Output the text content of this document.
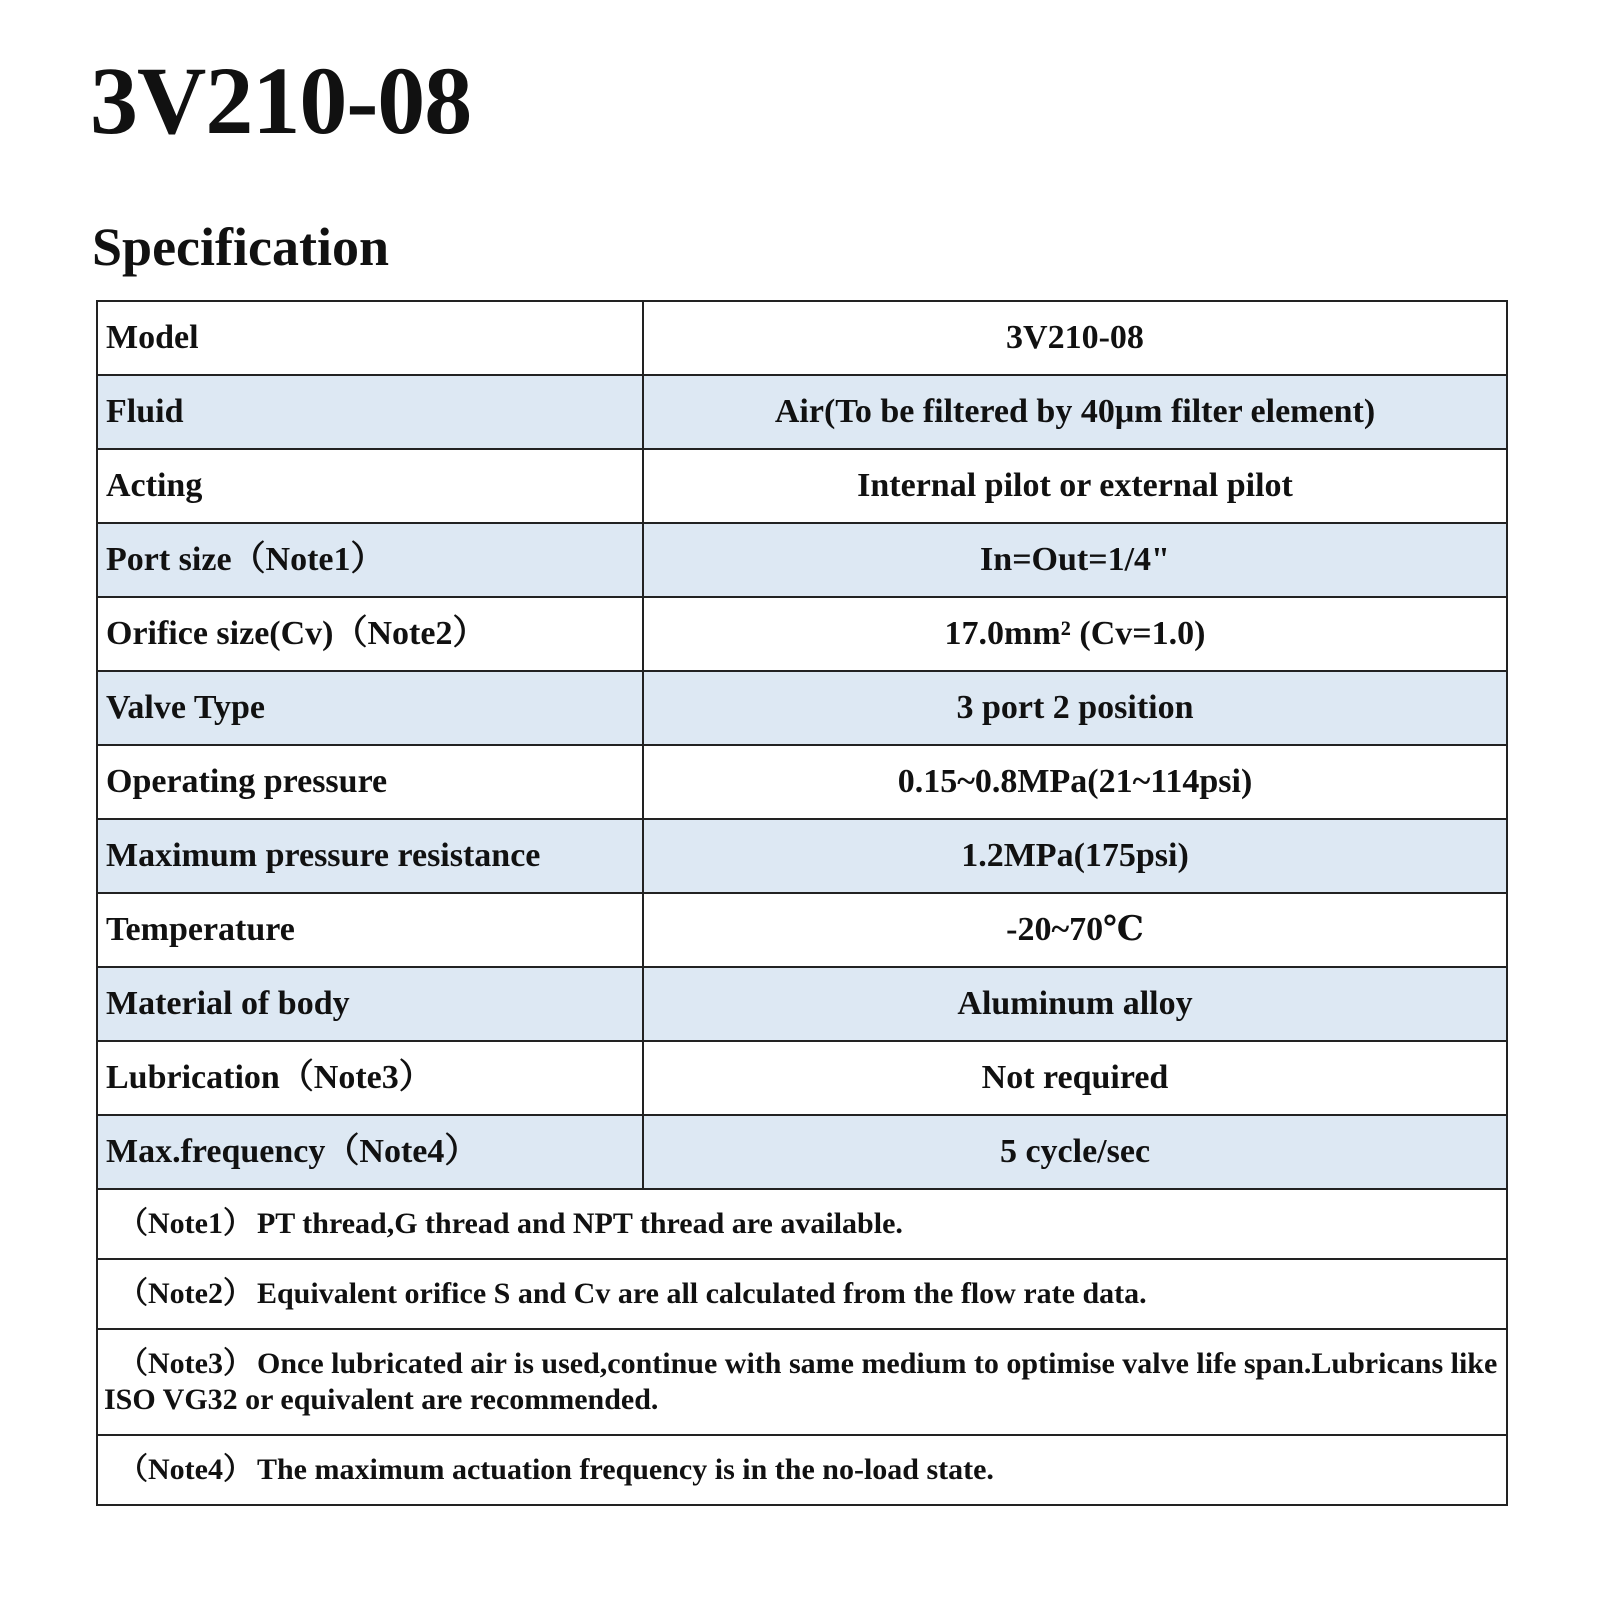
3V210-08
Specification
Model	3V210-08
Fluid	Air(To be filtered by 40μm filter element)
Acting	Internal pilot or external pilot
Port size（Note1）	In=Out=1/4"
Orifice size(Cv)（Note2）	17.0mm² (Cv=1.0)
Valve Type	3 port 2 position
Operating pressure	0.15~0.8MPa(21~114psi)
Maximum pressure resistance	1.2MPa(175psi)
Temperature	-20~70℃
Material of body	Aluminum alloy
Lubrication（Note3）	Not required
Max.frequency（Note4）	5 cycle/sec
（Note1） PT thread,G thread and NPT thread are available.	
（Note2） Equivalent orifice S and Cv are all calculated from the flow rate data.	
（Note3） Once lubricated air is used,continue with same medium to optimise valve life span.Lubricans like ISO VG32 or equivalent are recommended.	
（Note4） The maximum actuation frequency is in the no-load state.	
